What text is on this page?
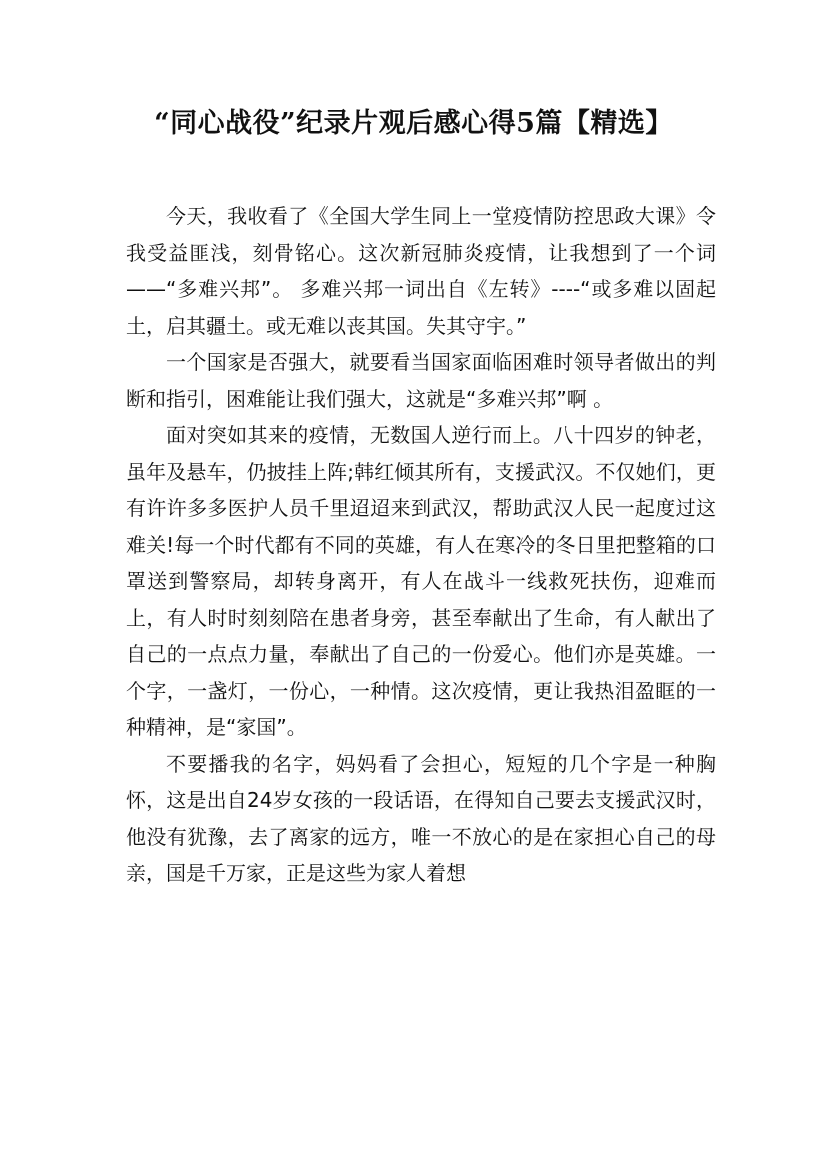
“同心战役”纪录片观后感心得5篇【精选】

今天，我收看了《全国大学生同上一堂疫情防控思政大课》令我受益匪浅，刻骨铭心。这次新冠肺炎疫情，让我想到了一个词——“多难兴邦”。 多难兴邦一词出自《左转》----“或多难以固起土，启其疆土。或无难以丧其国。失其守宇。”

一个国家是否强大，就要看当国家面临困难时领导者做出的判断和指引，困难能让我们强大，这就是“多难兴邦”啊 。

面对突如其来的疫情，无数国人逆行而上。八十四岁的钟老，虽年及悬车，仍披挂上阵;韩红倾其所有，支援武汉。不仅她们，更有许许多多医护人员千里迢迢来到武汉，帮助武汉人民一起度过这难关!每一个时代都有不同的英雄，有人在寒冷的冬日里把整箱的口罩送到警察局，却转身离开，有人在战斗一线救死扶伤，迎难而上，有人时时刻刻陪在患者身旁，甚至奉献出了生命，有人献出了自己的一点点力量，奉献出了自己的一份爱心。他们亦是英雄。一个字，一盏灯，一份心，一种情。这次疫情，更让我热泪盈眶的一种精神，是“家国”。

不要播我的名字，妈妈看了会担心，短短的几个字是一种胸怀，这是出自24岁女孩的一段话语，在得知自己要去支援武汉时，他没有犹豫，去了离家的远方，唯一不放心的是在家担心自己的母亲，国是千万家，正是这些为家人着想
